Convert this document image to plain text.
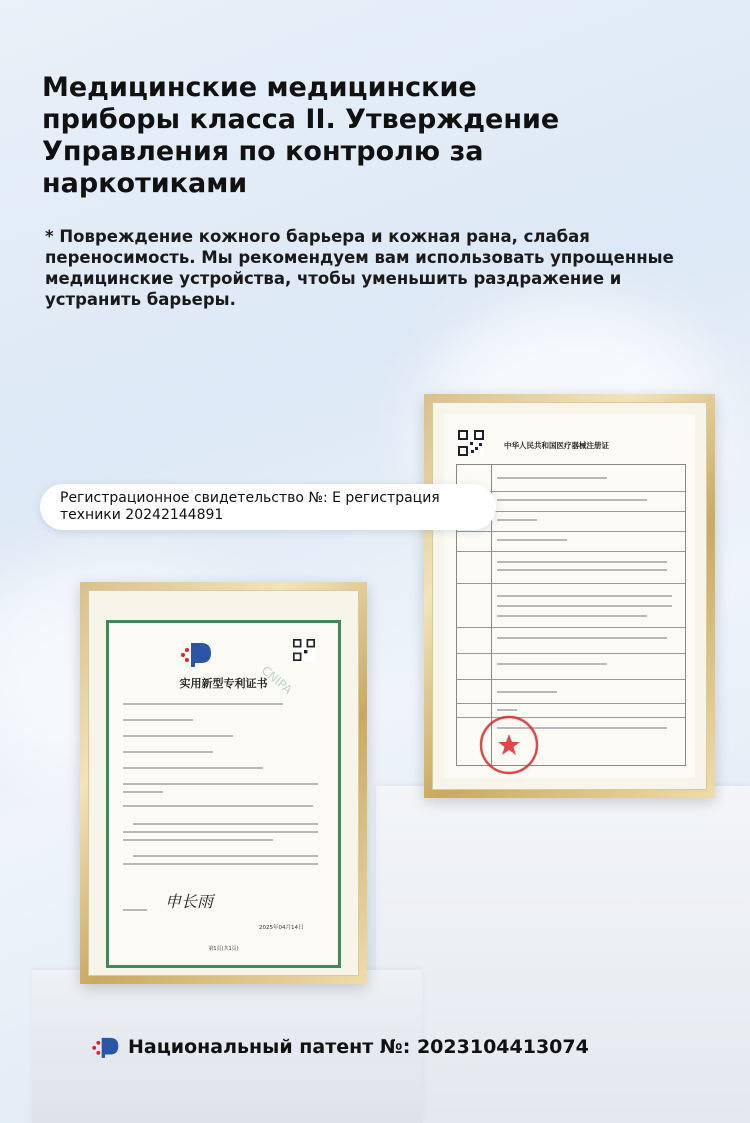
Медицинские медицинские приборы класса II. Утверждение Управления по контролю за наркотиками

* Повреждение кожного барьера и кожная рана, слабая переносимость. Мы рекомендуем вам использовать упрощенные медицинские устройства, чтобы уменьшить раздражение и устранить барьеры.

中华人民共和国医疗器械注册证

Регистрационное свидетельство №: E регистрация техники 20242144891

CNIPA
实用新型专利证书
申长雨
2025年04月14日
第1页(共1页)
Национальный патент №: 2023104413074
